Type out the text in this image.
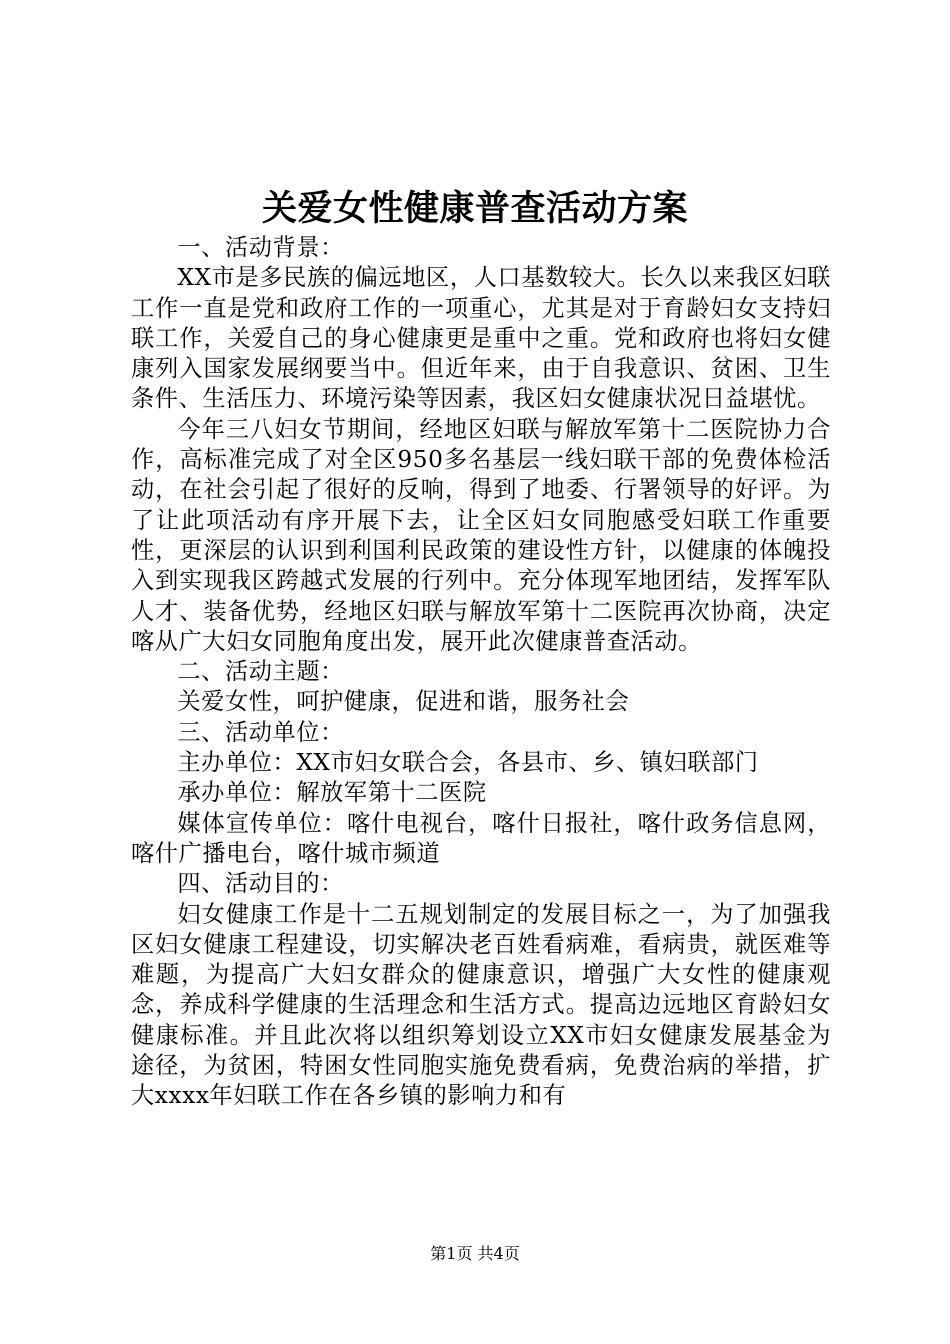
关爱女性健康普查活动方案

一、活动背景：

XX市是多民族的偏远地区，人口基数较大。长久以来我区妇联工作一直是党和政府工作的一项重心，尤其是对于育龄妇女支持妇联工作，关爱自己的身心健康更是重中之重。党和政府也将妇女健康列入国家发展纲要当中。但近年来，由于自我意识、贫困、卫生条件、生活压力、环境污染等因素，我区妇女健康状况日益堪忧。

今年三八妇女节期间，经地区妇联与解放军第十二医院协力合作，高标准完成了对全区950多名基层一线妇联干部的免费体检活动，在社会引起了很好的反响，得到了地委、行署领导的好评。为了让此项活动有序开展下去，让全区妇女同胞感受妇联工作重要性，更深层的认识到利国利民政策的建设性方针，以健康的体魄投入到实现我区跨越式发展的行列中。充分体现军地团结，发挥军队人才、装备优势，经地区妇联与解放军第十二医院再次协商，决定喀从广大妇女同胞角度出发，展开此次健康普查活动。

二、活动主题：

关爱女性，呵护健康，促进和谐，服务社会

三、活动单位：

主办单位：XX市妇女联合会，各县市、乡、镇妇联部门

承办单位：解放军第十二医院

媒体宣传单位：喀什电视台，喀什日报社，喀什政务信息网，喀什广播电台，喀什城市频道

四、活动目的：

妇女健康工作是十二五规划制定的发展目标之一，为了加强我区妇女健康工程建设，切实解决老百姓看病难，看病贵，就医难等难题，为提高广大妇女群众的健康意识，增强广大女性的健康观念，养成科学健康的生活理念和生活方式。提高边远地区育龄妇女健康标准。并且此次将以组织筹划设立XX市妇女健康发展基金为途径，为贫困，特困女性同胞实施免费看病，免费治病的举措，扩大xxxx年妇联工作在各乡镇的影响力和有

第1页 共4页
